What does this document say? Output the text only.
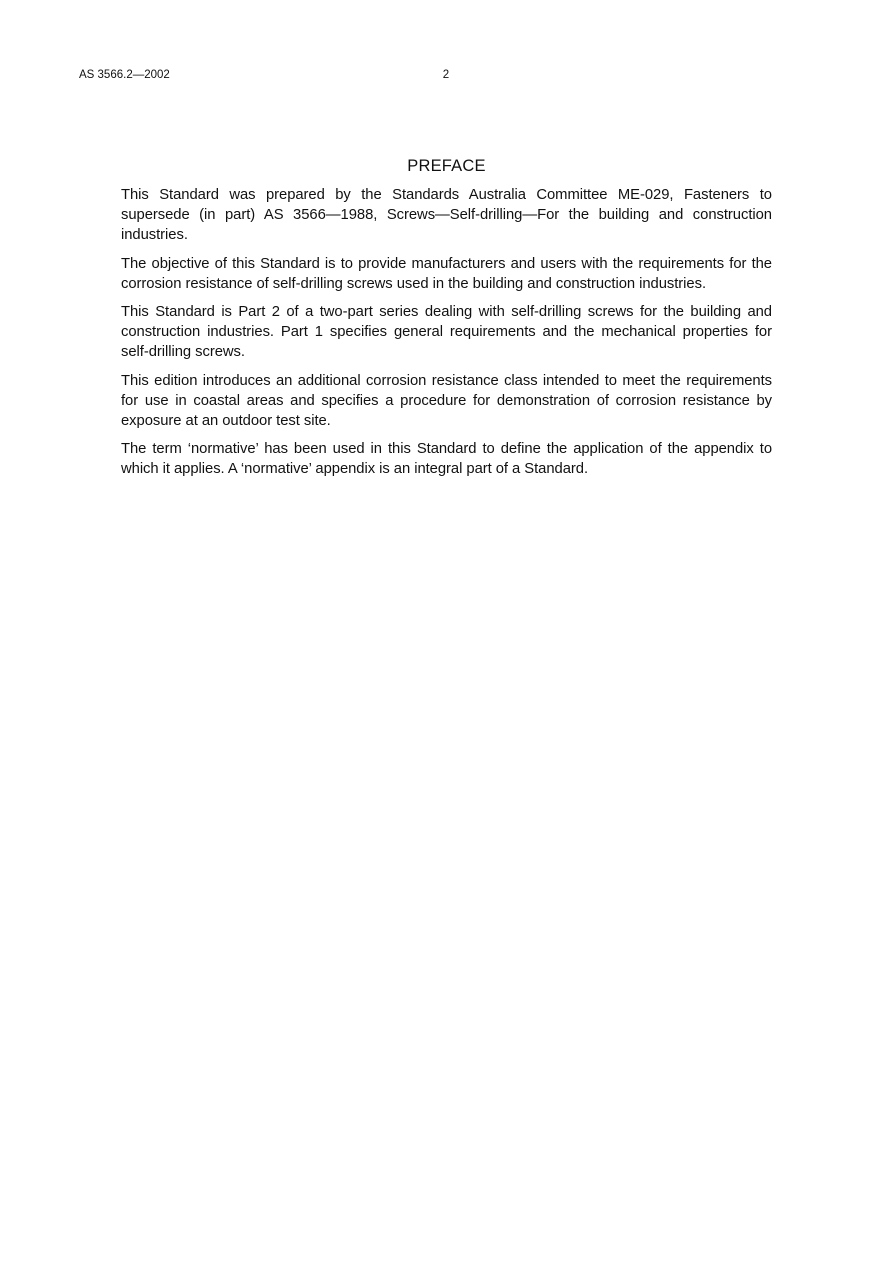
AS 3566.2—2002	2
PREFACE

This Standard was prepared by the Standards Australia Committee ME-029, Fasteners to supersede (in part) AS 3566—1988, Screws—Self-drilling—For the building and construction industries.

The objective of this Standard is to provide manufacturers and users with the requirements for the corrosion resistance of self-drilling screws used in the building and construction industries.

This Standard is Part 2 of a two-part series dealing with self-drilling screws for the building and construction industries. Part 1 specifies general requirements and the mechanical properties for self-drilling screws.

This edition introduces an additional corrosion resistance class intended to meet the requirements for use in coastal areas and specifies a procedure for demonstration of corrosion resistance by exposure at an outdoor test site.

The term ‘normative’ has been used in this Standard to define the application of the appendix to which it applies. A ‘normative’ appendix is an integral part of a Standard.
